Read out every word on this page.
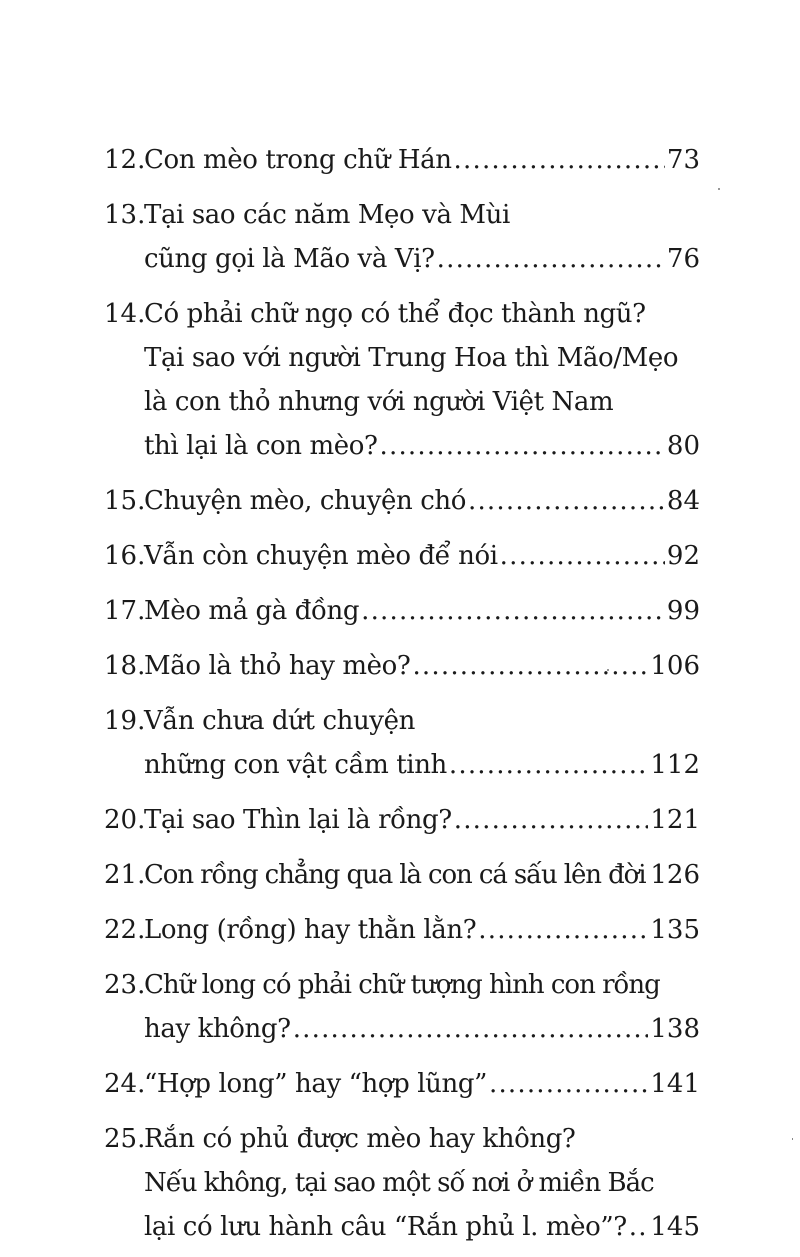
12.
Con mèo trong chữ Hán .....	73
13.
Tại sao các năm Mẹo và Mùi
cũng gọi là Mão và Vị? .....	76
14.
Có phải chữ ngọ có thể đọc thành ngũ?
Tại sao với người Trung Hoa thì Mão/Mẹo
là con thỏ nhưng với người Việt Nam
thì lại là con mèo? .....	80
15.
Chuyện mèo, chuyện chó .....	84
16.
Vẫn còn chuyện mèo để nói .....	92
17.
Mèo mả gà đồng .....	99
18.
Mão là thỏ hay mèo? .....	106
19.
Vẫn chưa dứt chuyện
những con vật cầm tinh .....	112
20.
Tại sao Thìn lại là rồng? .....	121
21.
Con rồng chẳng qua là con cá sấu lên đời ..... 126
22.
Long (rồng) hay thằn lằn? .....	135
23.
Chữ long có phải chữ tượng hình con rồng
hay không? .....	138
24.
“Hợp long” hay “hợp lũng” .....	141
25.
Rắn có phủ được mèo hay không?
Nếu không, tại sao một số nơi ở miền Bắc
lại có lưu hành câu “Rắn phủ l. mèo”? ..... 145
